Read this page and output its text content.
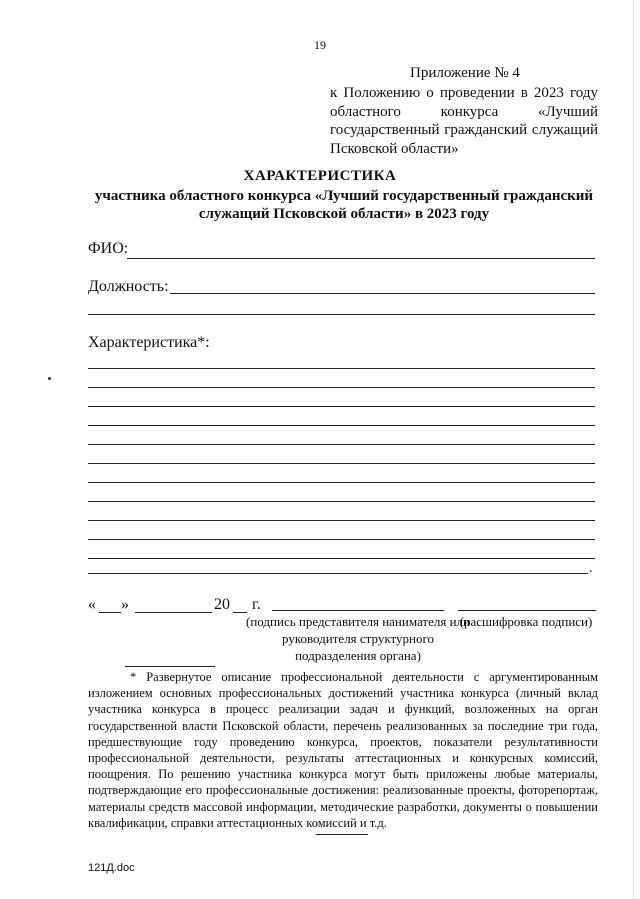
19
Приложение № 4
к Положению о проведении в 2023 году областного конкурса «Лучший государственный гражданский служащий Псковской области»
ХАРАКТЕРИСТИКА
участника областного конкурса «Лучший государственный гражданский служащий Псковской области» в 2023 году
ФИО:
Должность:
Характеристика*:
.
« »	20 г.
(подпись представителя нанимателя или руководителя структурного подразделения органа)
(расшифровка подписи)

* Развернутое описание профессиональной деятельности с аргументированным изложением основных профессиональных достижений участника конкурса (личный вклад участника конкурса в процесс реализации задач и функций, возложенных на орган государственной власти Псковской области, перечень реализованных за последние три года, предшествующие году проведению конкурса, проектов, показатели результативности профессиональной деятельности, результаты аттестационных и конкурсных комиссий, поощрения. По решению участника конкурса могут быть приложены любые материалы, подтверждающие его профессиональные достижения: реализованные проекты, фоторепортаж, материалы средств массовой информации, методические разработки, документы о повышении квалификации, справки аттестационных комиссий и т.д.

121Д.doc
